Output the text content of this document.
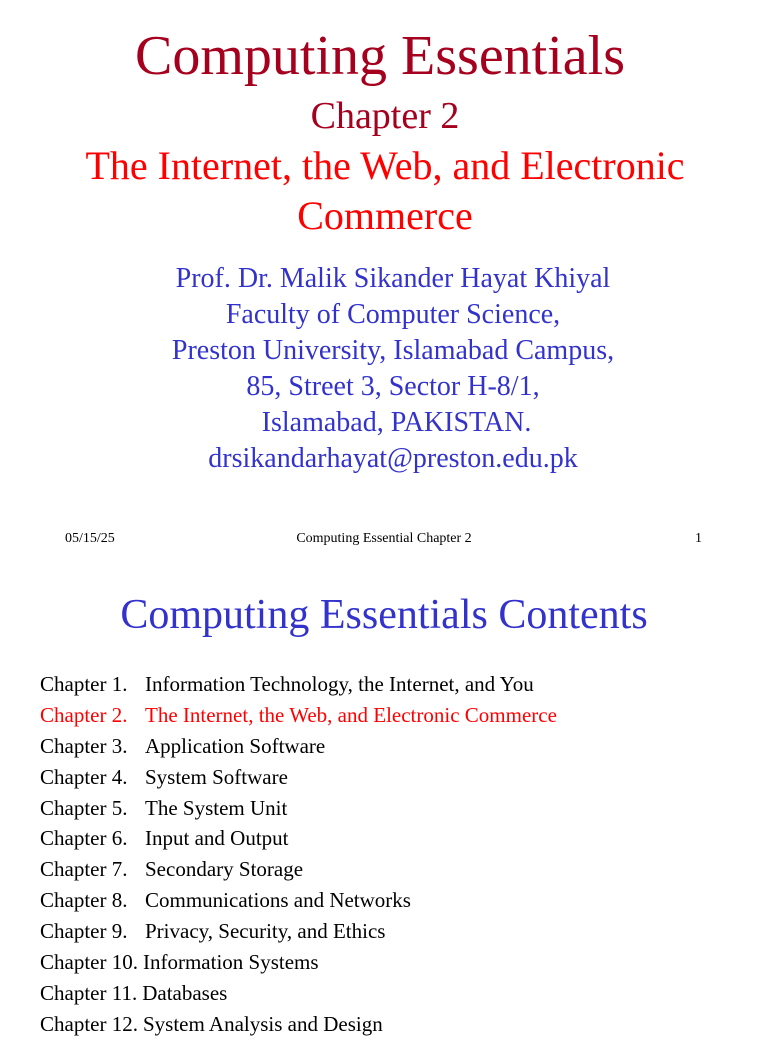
Computing Essentials
Chapter 2
The Internet, the Web, and Electronic Commerce
Prof. Dr. Malik Sikander Hayat Khiyal
Faculty of Computer Science,
Preston University, Islamabad Campus,
85, Street 3, Sector H-8/1,
Islamabad, PAKISTAN.
drsikandarhayat@preston.edu.pk
05/15/25	Computing Essential Chapter 2	1
Computing Essentials Contents
Chapter 1. Information Technology, the Internet, and You
Chapter 2. The Internet, the Web, and Electronic Commerce
Chapter 3. Application Software
Chapter 4. System Software
Chapter 5. The System Unit
Chapter 6. Input and Output
Chapter 7. Secondary Storage
Chapter 8. Communications and Networks
Chapter 9. Privacy, Security, and Ethics
Chapter 10. Information Systems
Chapter 11. Databases
Chapter 12. System Analysis and Design
